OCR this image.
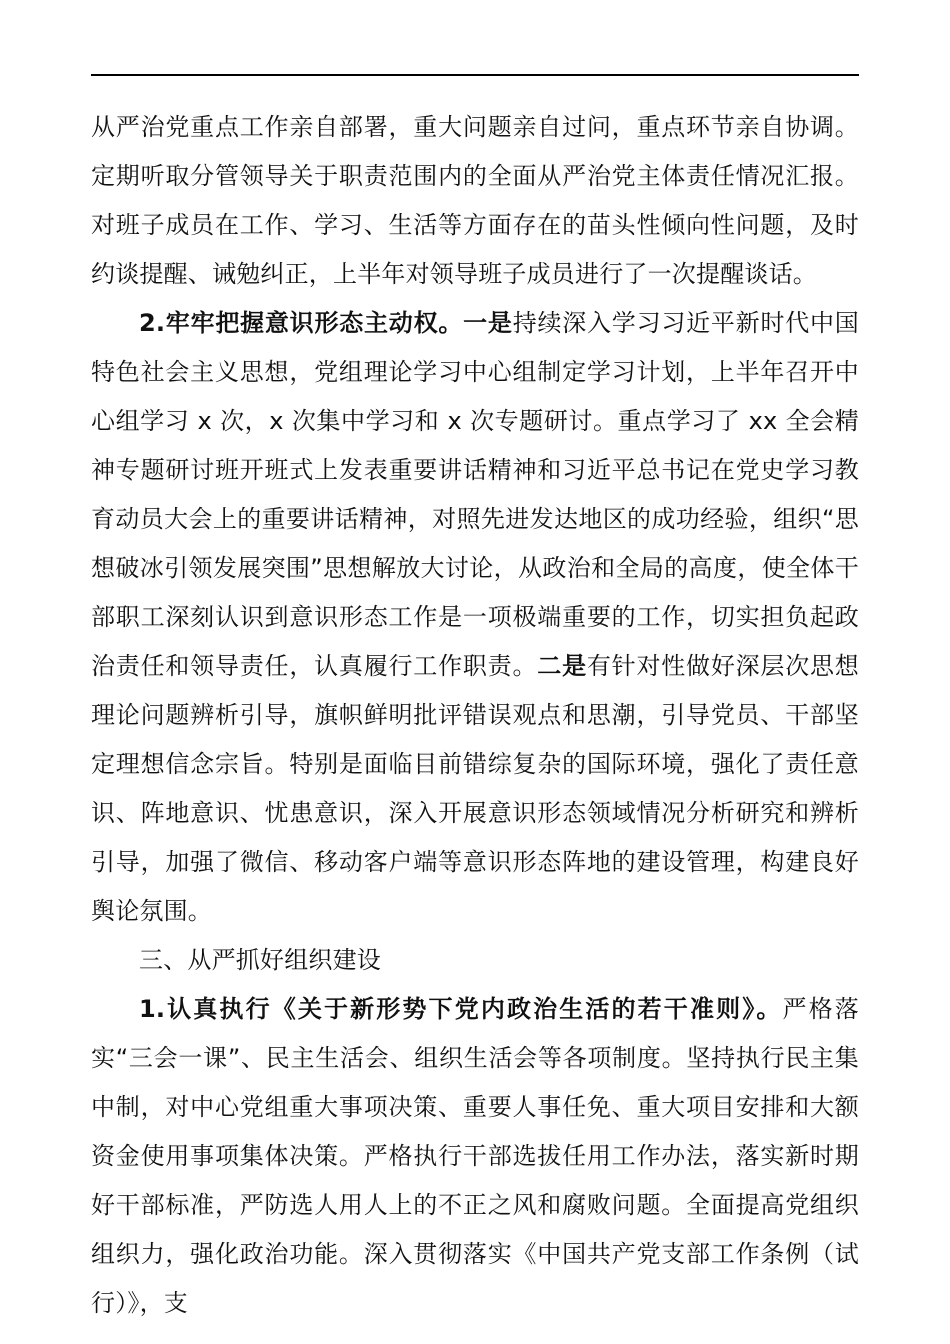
从严治党重点工作亲自部署，重大问题亲自过问，重点环节亲自协调。定期听取分管领导关于职责范围内的全面从严治党主体责任情况汇报。对班子成员在工作、学习、生活等方面存在的苗头性倾向性问题，及时约谈提醒、诫勉纠正，上半年对领导班子成员进行了一次提醒谈话。

2.牢牢把握意识形态主动权。一是持续深入学习习近平新时代中国特色社会主义思想，党组理论学习中心组制定学习计划，上半年召开中心组学习 x 次，x 次集中学习和 x 次专题研讨。重点学习了 xx 全会精神专题研讨班开班式上发表重要讲话精神和习近平总书记在党史学习教育动员大会上的重要讲话精神，对照先进发达地区的成功经验，组织“思想破冰引领发展突围”思想解放大讨论，从政治和全局的高度，使全体干部职工深刻认识到意识形态工作是一项极端重要的工作，切实担负起政治责任和领导责任，认真履行工作职责。二是有针对性做好深层次思想理论问题辨析引导，旗帜鲜明批评错误观点和思潮，引导党员、干部坚定理想信念宗旨。特别是面临目前错综复杂的国际环境，强化了责任意识、阵地意识、忧患意识，深入开展意识形态领域情况分析研究和辨析引导，加强了微信、移动客户端等意识形态阵地的建设管理，构建良好舆论氛围。

三、从严抓好组织建设

1.认真执行《关于新形势下党内政治生活的若干准则》。严格落实“三会一课”、民主生活会、组织生活会等各项制度。坚持执行民主集中制，对中心党组重大事项决策、重要人事任免、重大项目安排和大额资金使用事项集体决策。严格执行干部选拔任用工作办法，落实新时期好干部标准，严防选人用人上的不正之风和腐败问题。全面提高党组织组织力，强化政治功能。深入贯彻落实《中国共产党支部工作条例（试行）》，支
